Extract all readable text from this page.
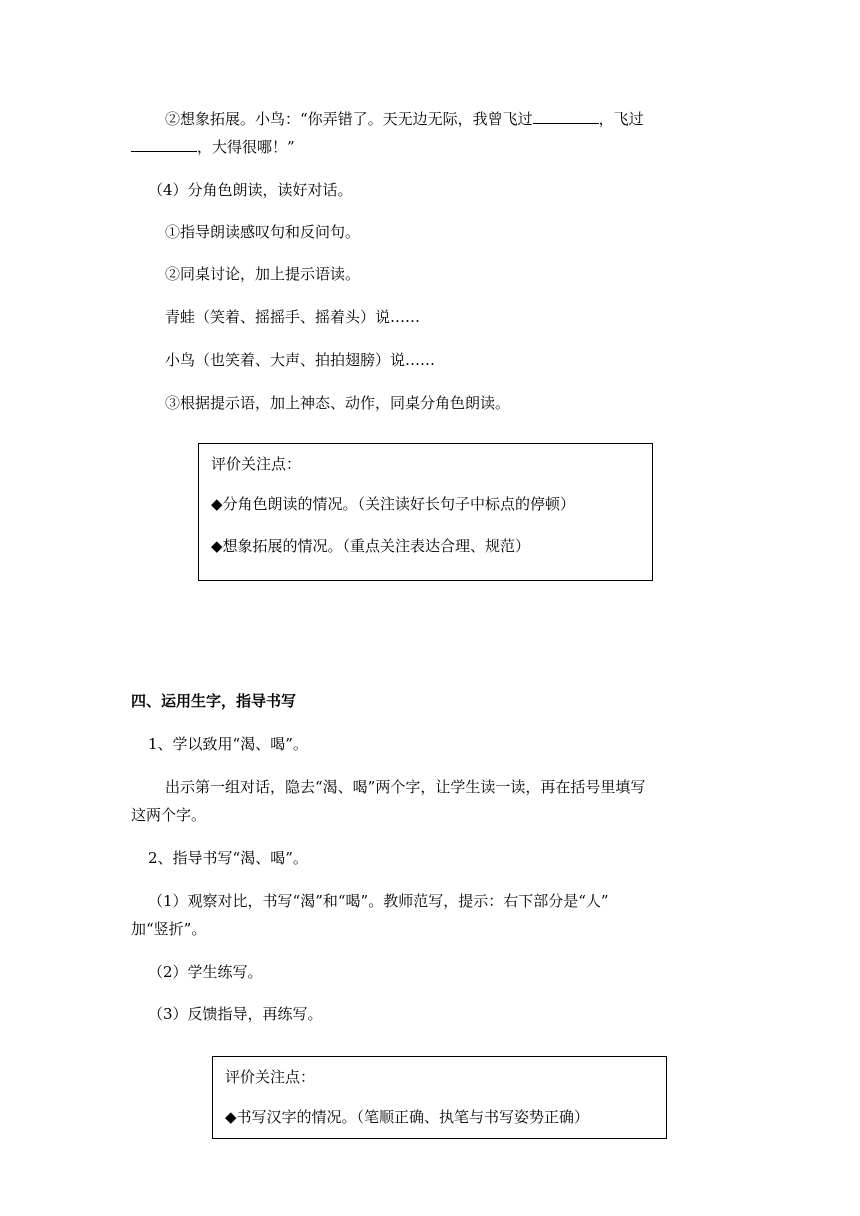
②想象拓展。小鸟：“你弄错了。天无边无际，我曾飞过	，飞过
，大得很哪！”
（4）分角色朗读，读好对话。
①指导朗读感叹句和反问句。
②同桌讨论，加上提示语读。
青蛙（笑着、摇摇手、摇着头）说……
小鸟（也笑着、大声、拍拍翅膀）说……
③根据提示语，加上神态、动作，同桌分角色朗读。
评价关注点：
◆分角色朗读的情况。（关注读好长句子中标点的停顿）
◆想象拓展的情况。（重点关注表达合理、规范）
四、运用生字，指导书写
1、学以致用“渴、喝”。
出示第一组对话，隐去“渴、喝”两个字，让学生读一读，再在括号里填写
这两个字。
2、指导书写“渴、喝”。
（1）观察对比，书写“渴”和“喝”。教师范写，提示：右下部分是“人”
加“竖折”。
（2）学生练写。
（3）反馈指导，再练写。
评价关注点：
◆书写汉字的情况。（笔顺正确、执笔与书写姿势正确）
